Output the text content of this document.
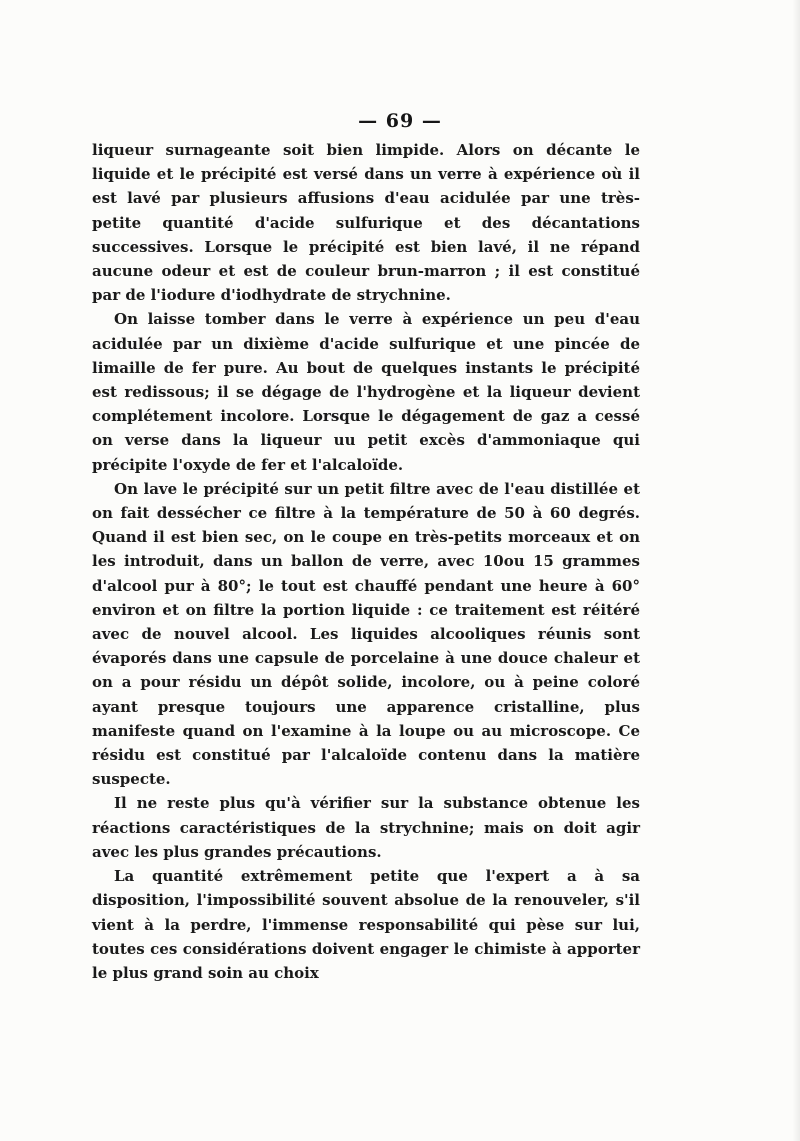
— 69 —

liqueur surnageante soit bien limpide. Alors on décante le liquide et le précipité est versé dans un verre à expérience où il est lavé par plusieurs affusions d'eau acidulée par une très-petite quantité d'acide sulfurique et des décantations successives. Lorsque le précipité est bien lavé, il ne répand aucune odeur et est de couleur brun-marron ; il est constitué par de l'iodure d'iodhydrate de strychnine.

On laisse tomber dans le verre à expérience un peu d'eau acidulée par un dixième d'acide sulfurique et une pincée de limaille de fer pure. Au bout de quelques instants le précipité est redissous; il se dégage de l'hydrogène et la liqueur devient complétement incolore. Lorsque le dégagement de gaz a cessé on verse dans la liqueur uu petit excès d'ammoniaque qui précipite l'oxyde de fer et l'alcaloïde.

On lave le précipité sur un petit filtre avec de l'eau distillée et on fait dessécher ce filtre à la température de 50 à 60 degrés. Quand il est bien sec, on le coupe en très-petits morceaux et on les introduit, dans un ballon de verre, avec 10ou 15 grammes d'alcool pur à 80°; le tout est chauffé pendant une heure à 60° environ et on filtre la portion liquide : ce traitement est réitéré avec de nouvel alcool. Les liquides alcooliques réunis sont évaporés dans une capsule de porcelaine à une douce chaleur et on a pour résidu un dépôt solide, incolore, ou à peine coloré ayant presque toujours une apparence cristalline, plus manifeste quand on l'examine à la loupe ou au microscope. Ce résidu est constitué par l'alcaloïde contenu dans la matière suspecte.

Il ne reste plus qu'à vérifier sur la substance obtenue les réactions caractéristiques de la strychnine; mais on doit agir avec les plus grandes précautions.

La quantité extrêmement petite que l'expert a à sa disposition, l'impossibilité souvent absolue de la renouveler, s'il vient à la perdre, l'immense responsabilité qui pèse sur lui, toutes ces considérations doivent engager le chimiste à apporter le plus grand soin au choix
